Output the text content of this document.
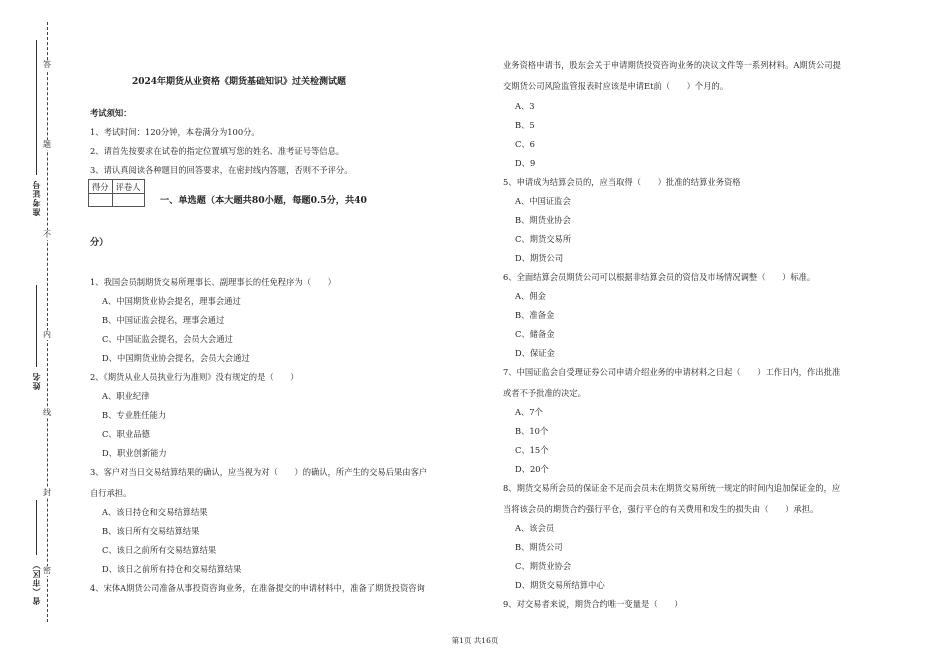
答
题
不
内
线
封
密
准考证号
姓名
省（市区）
2024年期货从业资格《期货基础知识》过关检测试题
考试须知：
1、考试时间：120分钟，本卷满分为100分。
2、请首先按要求在试卷的指定位置填写您的姓名、准考证号等信息。
3、请认真阅读各种题目的回答要求，在密封线内答题，否则不予评分。
一、单选题（本大题共80小题，每题0.5分，共40
分）
1、我国会员制期货交易所理事长、副理事长的任免程序为（　　）
A、中国期货业协会提名，理事会通过
B、中国证监会提名，理事会通过
C、中国证监会提名，会员大会通过
D、中国期货业协会提名，会员大会通过
2、《期货从业人员执业行为准则》没有规定的是（　　）
A、职业纪律
B、专业胜任能力
C、职业品德
D、职业创新能力
3、客户对当日交易结算结果的确认，应当视为对（　　）的确认，所产生的交易后果由客户
自行承担。
A、该日持仓和交易结算结果
B、该日所有交易结算结果
C、该日之前所有交易结算结果
D、该日之前所有持仓和交易结算结果
4、宋体A期货公司准备从事投资咨询业务，在准备提交的申请材料中，准备了期货投资咨询
得分	评卷人

业务资格申请书，股东会关于申请期货投资咨询业务的决议文件等一系列材料。A期货公司提
交期货公司风险监管报表时应该是申请Et前（　　）个月的。
A、3
B、5
C、6
D、9
5、申请成为结算会员的，应当取得（　　）批准的结算业务资格
A、中国证监会
B、期货业协会
C、期货交易所
D、期货公司
6、全面结算会员期货公司可以根据非结算会员的资信及市场情况调整（　　）标准。
A、佣金
B、准备金
C、储备金
D、保证金
7、中国证监会自受理证券公司申请介绍业务的申请材料之日起（　　）工作日内，作出批准
或者不予批准的决定。
A、7个
B、10个
C、15个
D、20个
8、期货交易所会员的保证金不足而会员未在期货交易所统一规定的时间内追加保证金的，应
当将该会员的期货合约强行平仓，强行平仓的有关费用和发生的损失由（　　）承担。
A、该会员
B、期货公司
C、期货业协会
D、期货交易所结算中心
9、对交易者来说，期货合约唯一变量是（　　）
第1页 共16页
